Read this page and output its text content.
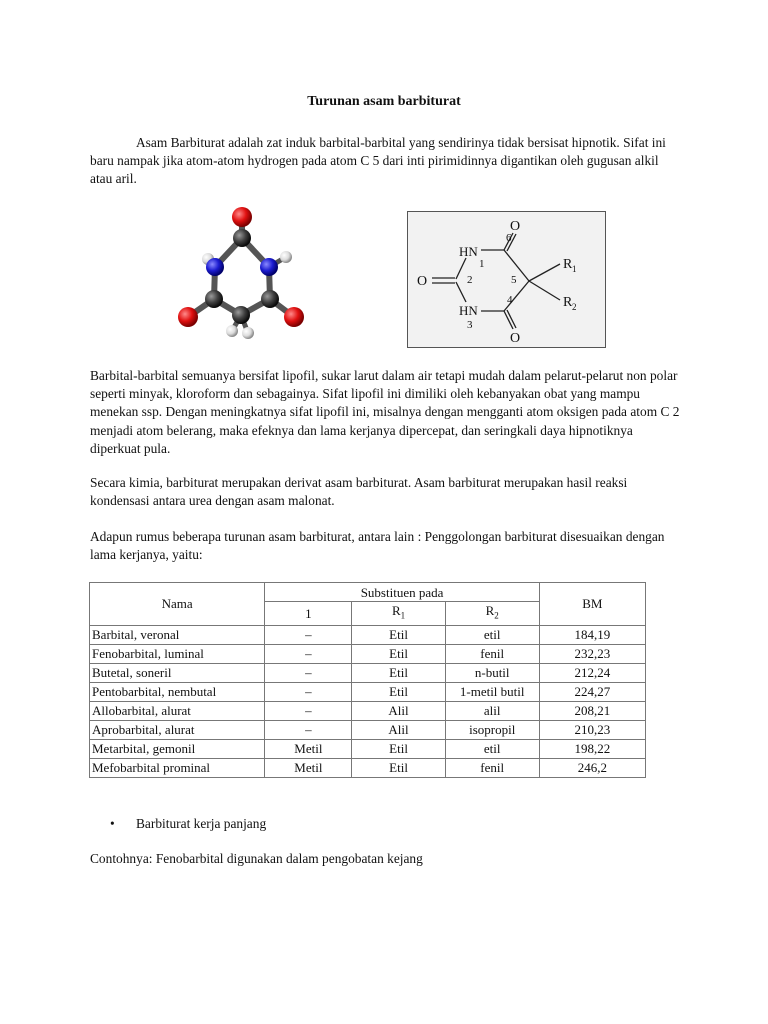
Turunan asam barbiturat

Asam Barbiturat adalah zat induk barbital-barbital yang sendirinya tidak bersisat hipnotik. Sifat ini baru nampak jika atom-atom hydrogen pada atom C 5 dari inti pirimidinnya digantikan oleh gugusan alkil atau aril.

O
O
O
HN
HN
1
2
3
4
5
6
R 1
R 2

Barbital-barbital semuanya bersifat lipofil, sukar larut dalam air tetapi mudah dalam pelarut-pelarut non polar seperti minyak, kloroform dan sebagainya. Sifat lipofil ini dimiliki oleh kebanyakan obat yang mampu menekan ssp. Dengan meningkatnya sifat lipofil ini, misalnya dengan mengganti atom oksigen pada atom C 2 menjadi atom belerang, maka efeknya dan lama kerjanya dipercepat, dan seringkali daya hipnotiknya diperkuat pula.

Secara kimia, barbiturat merupakan derivat asam barbiturat. Asam barbiturat merupakan hasil reaksi kondensasi antara urea dengan asam malonat.

Adapun rumus beberapa turunan asam barbiturat, antara lain : Penggolongan barbiturat disesuaikan dengan lama kerjanya, yaitu:

Nama	Substituen pada			BM
	1	$R_1$	$R_2$
Barbital, veronal	–	Etil	etil	184,19
Fenobarbital, luminal	–	Etil	fenil	232,23
Butetal, soneril	–	Etil	n-butil	212,24
Pentobarbital, nembutal	–	Etil	1-metil butil	224,27
Allobarbital, alurat	–	Alil	alil	208,21
Aprobarbital, alurat	–	Alil	isopropil	210,23
Metarbital, gemonil	Metil	Etil	etil	198,22
Mefobarbital prominal	Metil	Etil	fenil	246,2
• Barbiturat kerja panjang
Contohnya: Fenobarbital digunakan dalam pengobatan kejang
